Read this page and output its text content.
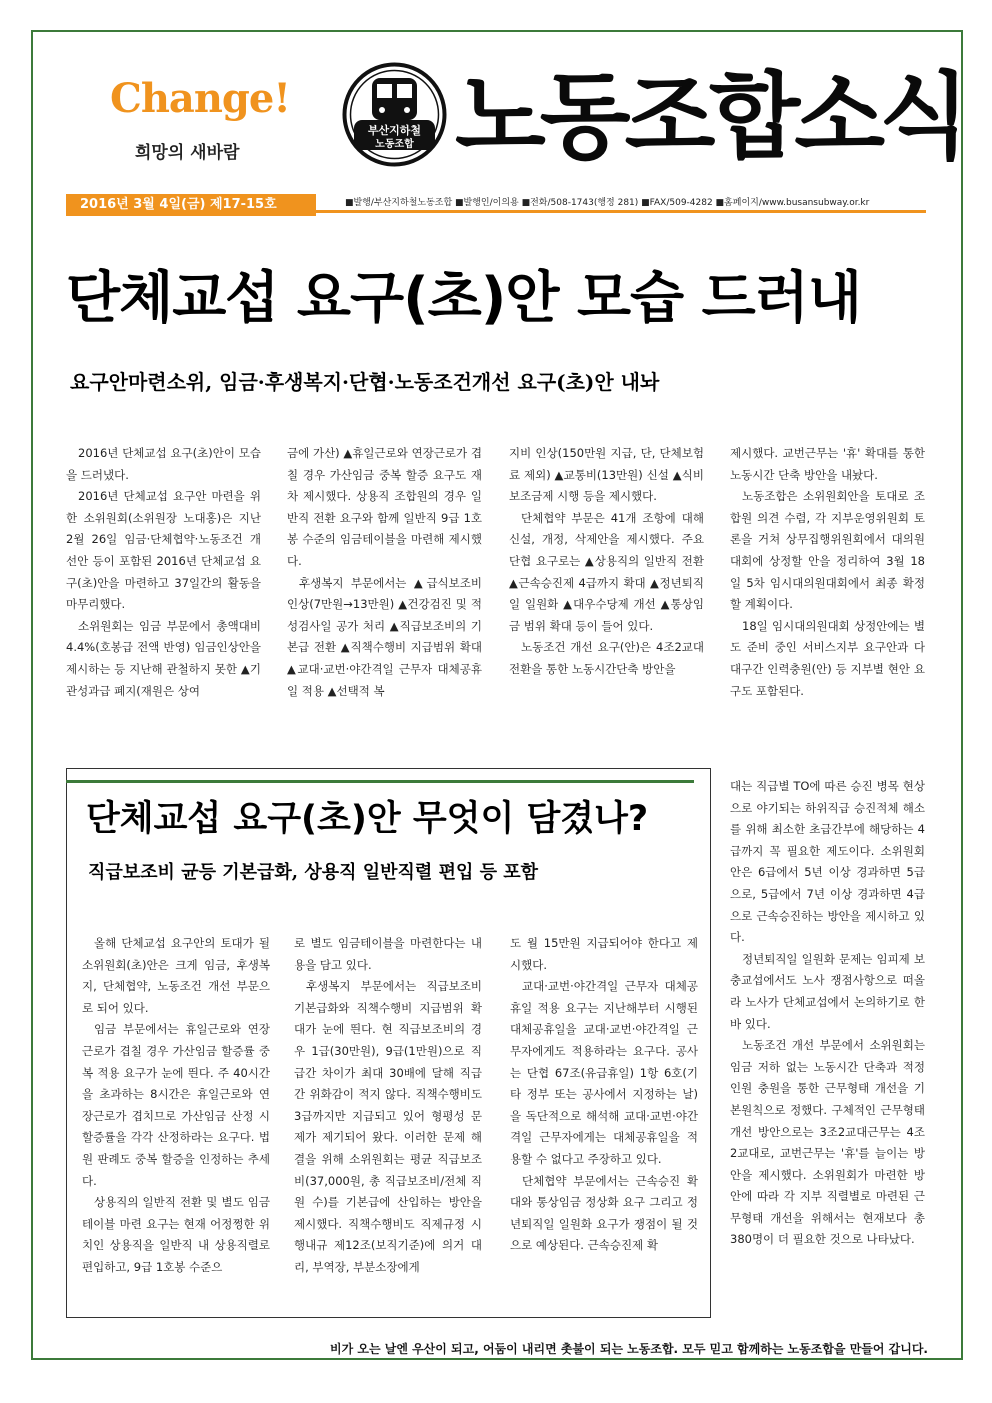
Change!
희망의 새바람
부산지하철
노동조합 노동조합소식
2016년 3월 4일(금) 제17-15호	■발행/부산지하철노동조합 ■발행인/이의용 ■전화/508-1743(행정 281) ■FAX/509-4282 ■홈페이지/www.busansubway.or.kr
단체교섭 요구(초)안 모습 드러내
요구안마련소위, 임금·후생복지·단협·노동조건개선 요구(초)안 내놔

2016년 단체교섭 요구(초)안이 모습을 드러냈다.

2016년 단체교섭 요구안 마련을 위한 소위원회(소위원장 노대홍)은 지난 2월 26일 임금·단체협약·노동조건 개선안 등이 포함된 2016년 단체교섭 요구(초)안을 마련하고 37일간의 활동을 마무리했다.

소위원회는 임금 부문에서 총액대비 4.4%(호봉급 전액 반영) 임금인상안을 제시하는 등 지난해 관철하지 못한 ▲기관성과급 폐지(재원은 상여

금에 가산) ▲휴일근로와 연장근로가 겹칠 경우 가산임금 중복 할증 요구도 재차 제시했다. 상용직 조합원의 경우 일반직 전환 요구와 함께 일반직 9급 1호봉 수준의 임금테이블을 마련해 제시했다.

후생복지 부문에서는 ▲급식보조비 인상(7만원→13만원) ▲건강검진 및 적성검사일 공가 처리 ▲직급보조비의 기본급 전환 ▲직책수행비 지급범위 확대 ▲교대·교번·야간격일 근무자 대체공휴일 적용 ▲선택적 복

지비 인상(150만원 지급, 단, 단체보험료 제외) ▲교통비(13만원) 신설 ▲식비보조금제 시행 등을 제시했다.

단체협약 부문은 41개 조항에 대해 신설, 개정, 삭제안을 제시했다. 주요 단협 요구로는 ▲상용직의 일반직 전환 ▲근속승진제 4급까지 확대 ▲정년퇴직일 일원화 ▲대우수당제 개선 ▲통상임금 범위 확대 등이 들어 있다.

노동조건 개선 요구(안)은 4조2교대 전환을 통한 노동시간단축 방안을

제시했다. 교번근무는 '휴' 확대를 통한 노동시간 단축 방안을 내놨다.

노동조합은 소위원회안을 토대로 조합원 의견 수렴, 각 지부운영위원회 토론을 거쳐 상무집행위원회에서 대의원대회에 상정할 안을 정리하여 3월 18일 5차 임시대의원대회에서 최종 확정할 계획이다.

18일 임시대의원대회 상정안에는 별도 준비 중인 서비스지부 요구안과 다대구간 인력충원(안) 등 지부별 현안 요구도 포함된다.

단체교섭 요구(초)안 무엇이 담겼나?
직급보조비 균등 기본급화, 상용직 일반직렬 편입 등 포함

올해 단체교섭 요구안의 토대가 될 소위원회(초)안은 크게 임금, 후생복지, 단체협약, 노동조건 개선 부문으로 되어 있다.

임금 부문에서는 휴일근로와 연장근로가 겹칠 경우 가산임금 할증률 중복 적용 요구가 눈에 띈다. 주 40시간을 초과하는 8시간은 휴일근로와 연장근로가 겹치므로 가산임금 산정 시 할증률을 각각 산정하라는 요구다. 법원 판례도 중복 할증을 인정하는 추세다.

상용직의 일반직 전환 및 별도 임금테이블 마련 요구는 현재 어정쩡한 위치인 상용직을 일반직 내 상용직렬로 편입하고, 9급 1호봉 수준으

로 별도 임금테이블을 마련한다는 내용을 담고 있다.

후생복지 부문에서는 직급보조비 기본급화와 직책수행비 지급범위 확대가 눈에 띈다. 현 직급보조비의 경우 1급(30만원), 9급(1만원)으로 직급간 차이가 최대 30배에 달해 직급간 위화감이 적지 않다. 직책수행비도 3급까지만 지급되고 있어 형평성 문제가 제기되어 왔다. 이러한 문제 해결을 위해 소위원회는 평균 직급보조비(37,000원, 총 직급보조비/전체 직원 수)를 기본급에 산입하는 방안을 제시했다. 직책수행비도 직제규정 시행내규 제12조(보직기준)에 의거 대리, 부역장, 부분소장에게

도 월 15만원 지급되어야 한다고 제시했다.

교대·교번·야간격일 근무자 대체공휴일 적용 요구는 지난해부터 시행된 대체공휴일을 교대·교번·야간격일 근무자에게도 적용하라는 요구다. 공사는 단협 67조(유급휴일) 1항 6호(기타 정부 또는 공사에서 지정하는 날)을 독단적으로 해석해 교대·교번·야간격일 근무자에게는 대체공휴일을 적용할 수 없다고 주장하고 있다.

단체협약 부문에서는 근속승진 확대와 통상임금 정상화 요구 그리고 정년퇴직일 일원화 요구가 쟁점이 될 것으로 예상된다. 근속승진제 확

대는 직급별 TO에 따른 승진 병목 현상으로 야기되는 하위직급 승진적체 해소를 위해 최소한 초급간부에 해당하는 4급까지 꼭 필요한 제도이다. 소위원회안은 6급에서 5년 이상 경과하면 5급으로, 5급에서 7년 이상 경과하면 4급으로 근속승진하는 방안을 제시하고 있다.

정년퇴직일 일원화 문제는 임피제 보충교섭에서도 노사 쟁점사항으로 떠올라 노사가 단체교섭에서 논의하기로 한 바 있다.

노동조건 개선 부문에서 소위원회는 임금 저하 없는 노동시간 단축과 적정인원 충원을 통한 근무형태 개선을 기본원칙으로 정했다. 구체적인 근무형태 개선 방안으로는 3조2교대근무는 4조2교대로, 교번근무는 '휴'를 늘이는 방안을 제시했다. 소위원회가 마련한 방안에 따라 각 지부 직렬별로 마련된 근무형태 개선을 위해서는 현재보다 총 380명이 더 필요한 것으로 나타났다.

비가 오는 날엔 우산이 되고, 어둠이 내리면 촛불이 되는 노동조합. 모두 믿고 함께하는 노동조합을 만들어 갑니다.
